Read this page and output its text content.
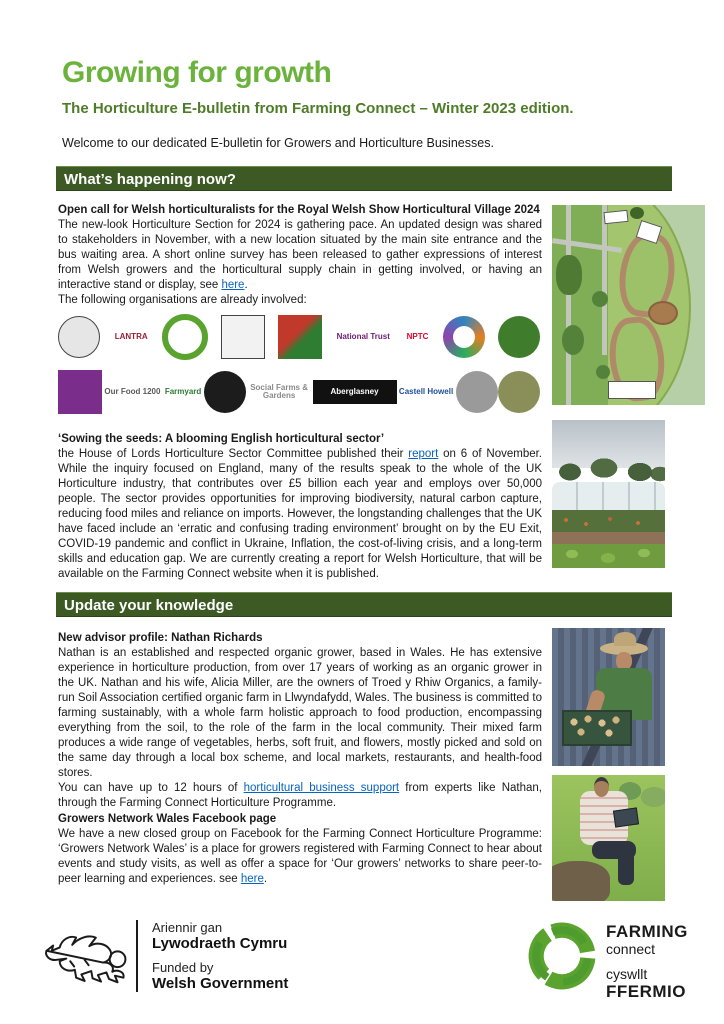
Growing for growth
The Horticulture E-bulletin from Farming Connect – Winter 2023 edition.
Welcome to our dedicated E-bulletin for Growers and Horticulture Businesses.
What’s happening now?
Update your knowledge

Open call for Welsh horticulturalists for the Royal Welsh Show Horticultural Village 2024

The new-look Horticulture Section for 2024 is gathering pace. An updated design was shared to stakeholders in November, with a new location situated by the main site entrance and the bus waiting area. A short online survey has been released to gather expressions of interest from Welsh growers and the horticultural supply chain in getting involved, or having an interactive stand or display, see here.

The following organisations are already involved:
LANTRA	National Trust NPTC
Our Food 1200 Farmyard	Social Farms & Gardens	Aberglasney	Castell Howell

‘Sowing the seeds: A blooming English horticultural sector’

the House of Lords Horticulture Sector Committee published their report on 6 of November. While the inquiry focused on England, many of the results speak to the whole of the UK Horticulture industry, that contributes over £5 billion each year and employs over 50,000 people. The sector provides opportunities for improving biodiversity, natural carbon capture, reducing food miles and reliance on imports. However, the longstanding challenges that the UK have faced include an ‘erratic and confusing trading environment’ brought on by the EU Exit, COVID-19 pandemic and conflict in Ukraine, Inflation, the cost-of-living crisis, and a long-term skills and education gap. We are currently creating a report for Welsh Horticulture, that will be available on the Farming Connect website when it is published.

New advisor profile: Nathan Richards

Nathan is an established and respected organic grower, based in Wales. He has extensive experience in horticulture production, from over 17 years of working as an organic grower in the UK. Nathan and his wife, Alicia Miller, are the owners of Troed y Rhiw Organics, a family-run Soil Association certified organic farm in Llwyndafydd, Wales. The business is committed to farming sustainably, with a whole farm holistic approach to food production, encompassing everything from the soil, to the role of the farm in the local community. Their mixed farm produces a wide range of vegetables, herbs, soft fruit, and flowers, mostly picked and sold on the same day through a local box scheme, and local markets, restaurants, and health-food stores.
You can have up to 12 hours of horticultural business support from experts like Nathan, through the Farming Connect Horticulture Programme.

Growers Network Wales Facebook page

We have a new closed group on Facebook for the Farming Connect Horticulture Programme: ‘Growers Network Wales’ is a place for growers registered with Farming Connect to hear about events and study visits, as well as offer a space for ‘Our growers’ networks to share peer-to-peer learning and experiences. see here.

Ariennir gan
Lywodraeth Cymru
Funded by
Welsh Government
FARMING
connect
cyswllt
FFERMIO
